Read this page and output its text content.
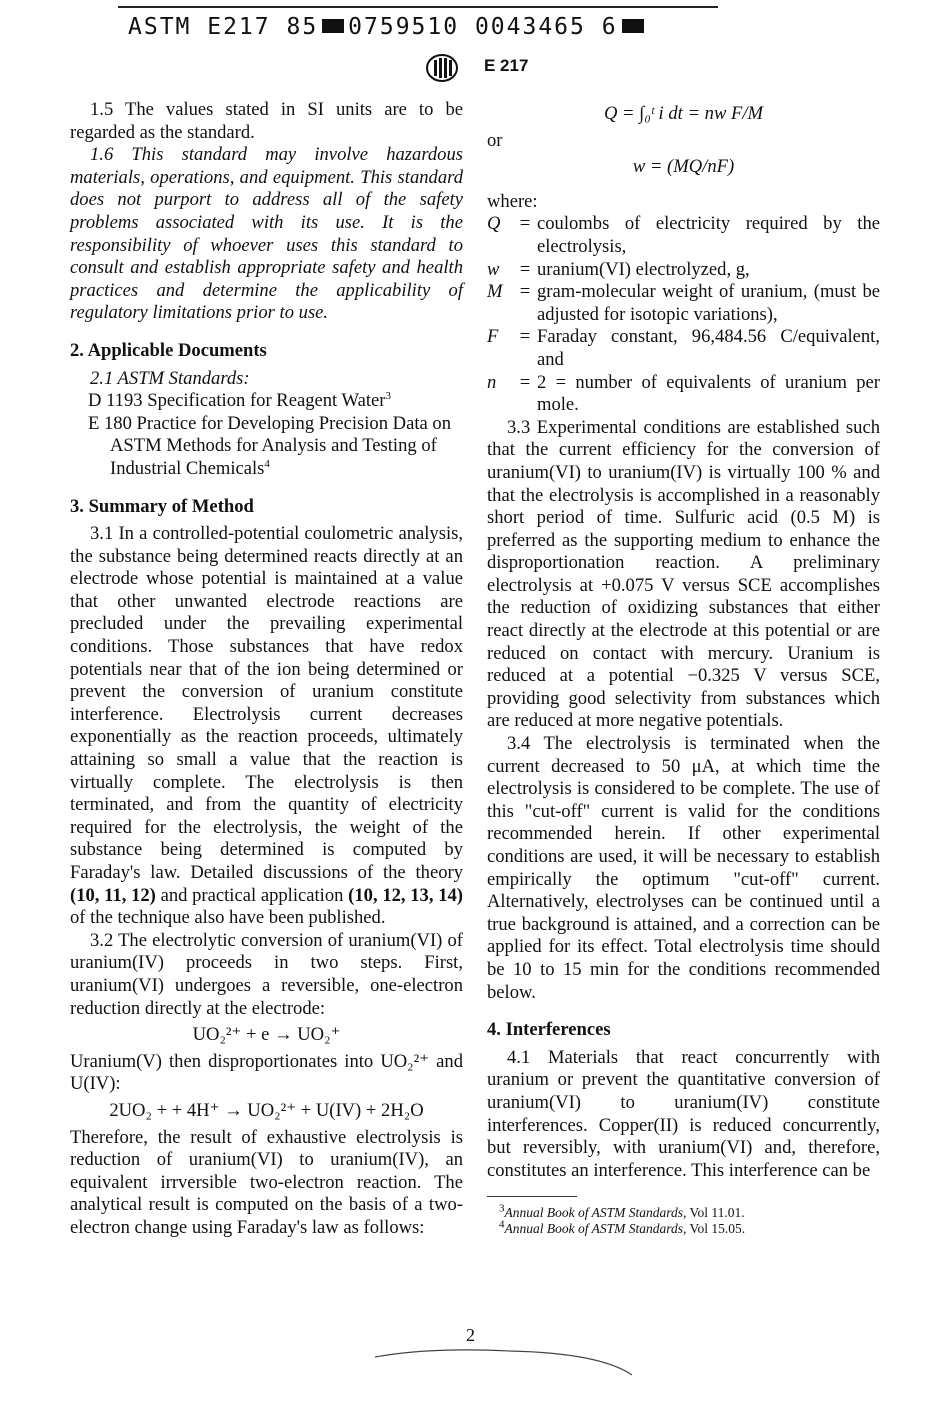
ASTM E217 85 0759510 0043465 6
E 217

1.5 The values stated in SI units are to be regarded as the standard.

1.6 This standard may involve hazardous materials, operations, and equipment. This standard does not purport to address all of the safety problems associated with its use. It is the responsibility of whoever uses this standard to consult and establish appropriate safety and health practices and determine the applicability of regulatory limitations prior to use.

2. Applicable Documents

2.1 ASTM Standards:

D 1193 Specification for Reagent Water$^3$

E 180 Practice for Developing Precision Data on ASTM Methods for Analysis and Testing of Industrial Chemicals$^4$

3. Summary of Method

3.1 In a controlled-potential coulometric analysis, the substance being determined reacts directly at an electrode whose potential is maintained at a value that other unwanted electrode reactions are precluded under the prevailing experimental conditions. Those substances that have redox potentials near that of the ion being determined or prevent the conversion of uranium constitute interference. Electrolysis current decreases exponentially as the reaction proceeds, ultimately attaining so small a value that the reaction is virtually complete. The electrolysis is then terminated, and from the quantity of electricity required for the electrolysis, the weight of the substance being determined is computed by Faraday's law. Detailed discussions of the theory (10, 11, 12) and practical application (10, 12, 13, 14) of the technique also have been published.

3.2 The electrolytic conversion of uranium(VI) of uranium(IV) proceeds in two steps. First, uranium(VI) undergoes a reversible, one-electron reduction directly at the electrode:

UO₂²⁺ + e → UO₂⁺

Uranium(V) then disproportionates into UO₂²⁺ and U(IV):

2UO₂ + + 4H⁺ → UO₂²⁺ + U(IV) + 2H₂O

Therefore, the result of exhaustive electrolysis is reduction of uranium(VI) to uranium(IV), an equivalent irrversible two-electron reaction. The analytical result is computed on the basis of a two-electron change using Faraday's law as follows:

Q = ∫₀ᵗ i dt = nw F/M

or

w = (MQ/nF)

where:

Q	= coulombs of electricity required by the electrolysis,
w	= uranium(VI) electrolyzed, g,
M = gram-molecular weight of uranium, (must be adjusted for isotopic variations),
F	= Faraday constant, 96,484.56 C/equivalent, and
n	= 2 = number of equivalents of uranium per mole.

3.3 Experimental conditions are established such that the current efficiency for the conversion of uranium(VI) to uranium(IV) is virtually 100 % and that the electrolysis is accomplished in a reasonably short period of time. Sulfuric acid (0.5 M) is preferred as the supporting medium to enhance the disproportionation reaction. A preliminary electrolysis at +0.075 V versus SCE accomplishes the reduction of oxidizing substances that either react directly at the electrode at this potential or are reduced on contact with mercury. Uranium is reduced at a potential −0.325 V versus SCE, providing good selectivity from substances which are reduced at more negative potentials.

3.4 The electrolysis is terminated when the current decreased to 50 μA, at which time the electrolysis is considered to be complete. The use of this "cut-off" current is valid for the conditions recommended herein. If other experimental conditions are used, it will be necessary to establish empirically the optimum "cut-off" current. Alternatively, electrolyses can be continued until a true background is attained, and a correction can be applied for its effect. Total electrolysis time should be 10 to 15 min for the conditions recommended below.

4. Interferences

4.1 Materials that react concurrently with uranium or prevent the quantitative conversion of uranium(VI) to uranium(IV) constitute interferences. Copper(II) is reduced concurrently, but reversibly, with uranium(VI) and, therefore, constitutes an interference. This interference can be

$^3$Annual Book of ASTM Standards, Vol 11.01.

$^4$Annual Book of ASTM Standards, Vol 15.05.

2
